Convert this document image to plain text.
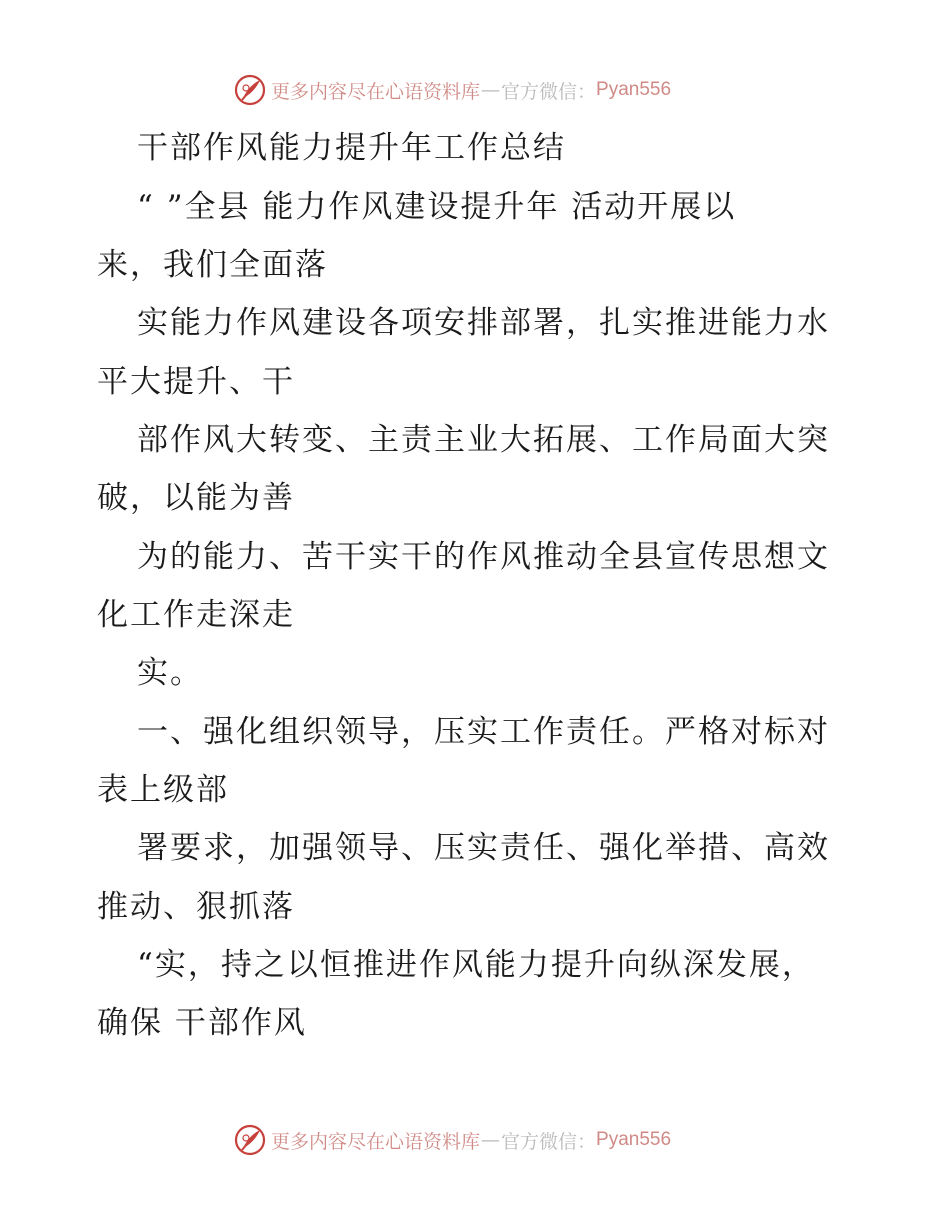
更多内容尽在心语资料库 — 官方微信： Pyan556
干部作风能力提升年工作总结
“ ”全县 能力作风建设提升年 活动开展以
来，我们全面落
实能力作风建设各项安排部署，扎实推进能力水
平大提升、干
部作风大转变、主责主业大拓展、工作局面大突
破，以能为善
为的能力、苦干实干的作风推动全县宣传思想文
化工作走深走
实。
一、强化组织领导，压实工作责任。严格对标对
表上级部
署要求，加强领导、压实责任、强化举措、高效
推动、狠抓落
“实，持之以恒推进作风能力提升向纵深发展，
确保 干部作风
更多内容尽在心语资料库 — 官方微信： Pyan556
